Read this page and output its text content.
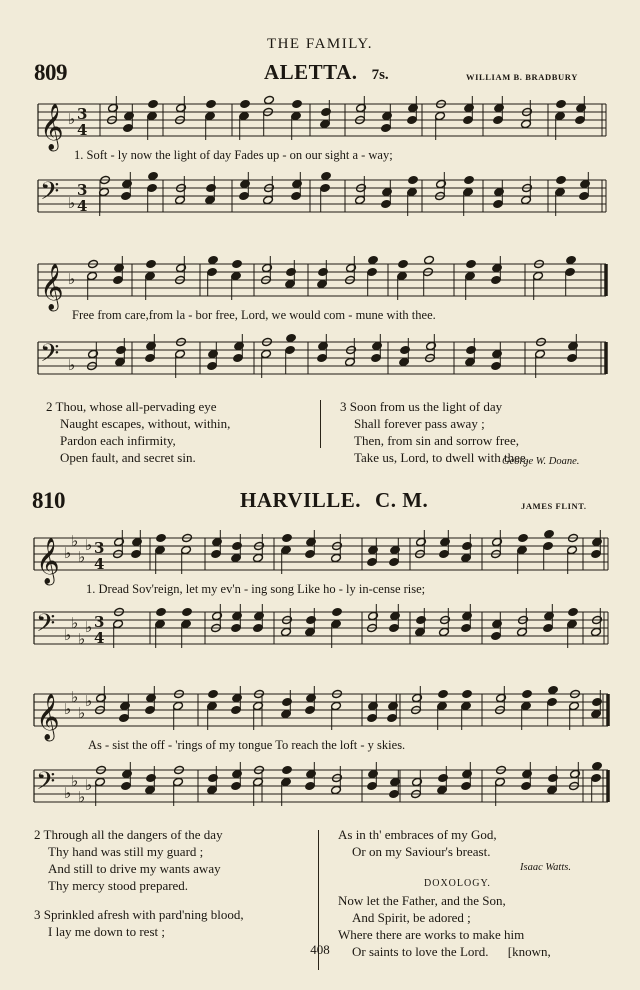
THE FAMILY.
809	ALETTA. 7s.	WILLIAM B. BRADBURY
𝄞 ♭ 3
4
1. Soft - ly now the light of day Fades up - on our sight a - way;
𝄢 ♭
3
4
𝄞 ♭
Free from care,from la - bor free, Lord, we would com - mune with thee.
𝄢 ♭
2 Thou, whose all-pervading eye
Naught escapes, without, within,
Pardon each infirmity,
Open fault, and secret sin.
3 Soon from us the light of day
Shall forever pass away ;
Then, from sin and sorrow free,
Take us, Lord, to dwell with thee.
George W. Doane.
810	HARVILLE. C. M.	JAMES FLINT.
𝄞 ♭
♭
♭
♭ 3
4
1. Dread Sov'reign, let my ev'n - ing song Like ho - ly in-cense rise;
𝄢 ♭
♭
♭
♭ 3
4
𝄞 ♭
♭
♭
♭
As - sist the off - 'rings of my tongue To reach the loft - y skies.
𝄢 ♭
♭
♭
♭
2 Through all the dangers of the day
Thy hand was still my guard ;
And still to drive my wants away
Thy mercy stood prepared.
3 Sprinkled afresh with pard'ning blood,
I lay me down to rest ;
As in th' embraces of my God,
Or on my Saviour's breast.
Isaac Watts.
DOXOLOGY.
Now let the Father, and the Son,
And Spirit, be adored ;
Where there are works to make him
Or saints to love the Lord. [known,
408
